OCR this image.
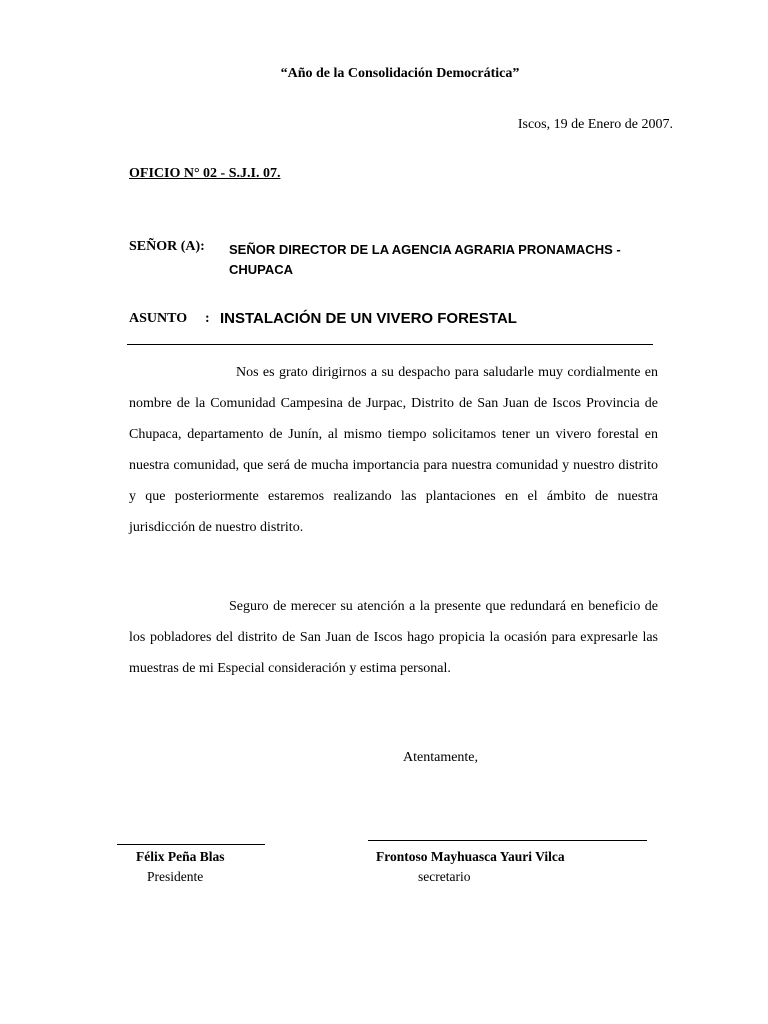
“Año de la Consolidación Democrática”
Iscos, 19 de Enero de 2007.
OFICIO N° 02 - S.J.I. 07.
SEÑOR (A): SEÑOR DIRECTOR DE LA AGENCIA AGRARIA PRONAMACHS - CHUPACA
ASUNTO : INSTALACIÓN DE UN VIVERO FORESTAL
Nos es grato dirigirnos a su despacho para saludarle muy cordialmente en nombre de la Comunidad Campesina de Jurpac, Distrito de San Juan de Iscos Provincia de Chupaca, departamento de Junín, al mismo tiempo solicitamos tener un vivero forestal en nuestra comunidad, que será de mucha importancia para nuestra comunidad y nuestro distrito y que posteriormente estaremos realizando las plantaciones en el ámbito de nuestra jurisdicción de nuestro distrito.
Seguro de merecer su atención a la presente que redundará en beneficio de los pobladores del distrito de San Juan de Iscos hago propicia la ocasión para expresarle las muestras de mi Especial consideración y estima personal.
Atentamente,
Félix Peña Blas
Presidente
Frontoso Mayhuasca Yauri Vilca
secretario
